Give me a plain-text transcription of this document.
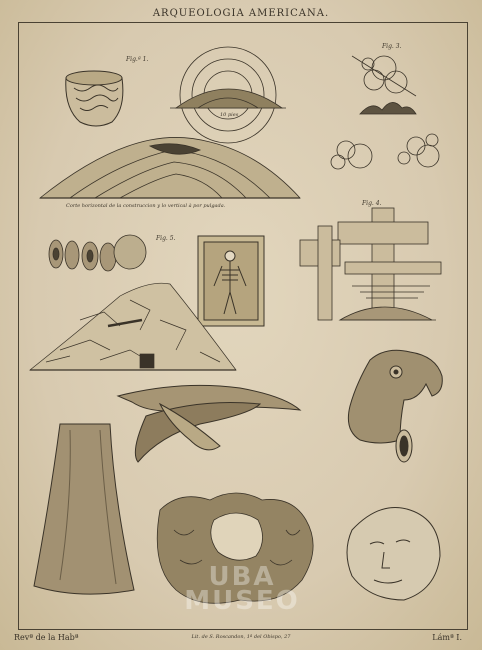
ARQUEOLOGIA AMERICANA.
Fig.ª 1.
Fig. 3.
Fig. 4.
Fig. 5.
10 pies
Corte horizontal de la construccion y lo vertical à por pulgada.
UBA
MUSEO
Revª de la Habª	Lit. de S. Roscandon, 1ª del Obispo, 27	Lámª I.
